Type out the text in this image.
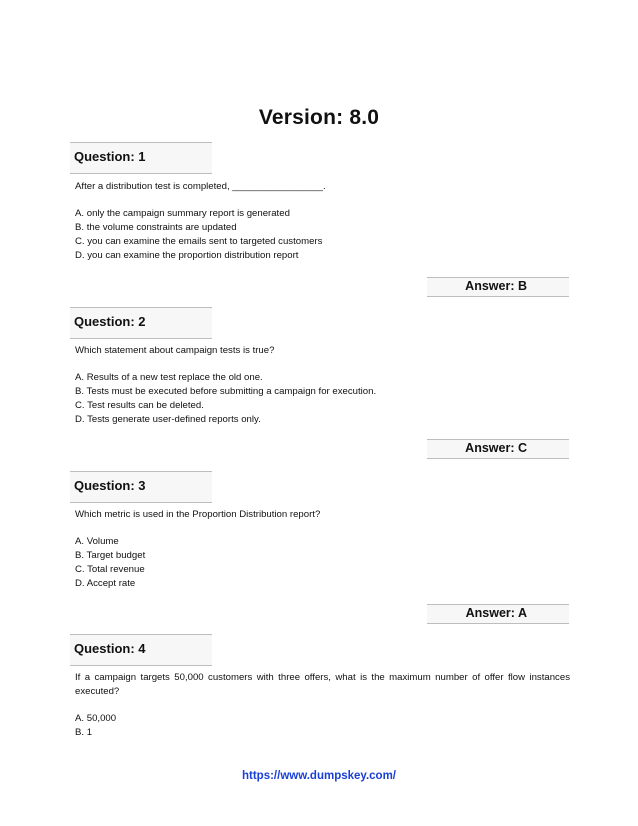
Version: 8.0
Question: 1

After a distribution test is completed, _________________.

A. only the campaign summary report is generated

B. the volume constraints are updated

C. you can examine the emails sent to targeted customers

D. you can examine the proportion distribution report

Answer: B
Question: 2

Which statement about campaign tests is true?

A. Results of a new test replace the old one.

B. Tests must be executed before submitting a campaign for execution.

C. Test results can be deleted.

D. Tests generate user-defined reports only.

Answer: C
Question: 3

Which metric is used in the Proportion Distribution report?

A. Volume

B. Target budget

C. Total revenue

D. Accept rate

Answer: A
Question: 4

If a campaign targets 50,000 customers with three offers, what is the maximum number of offer flow instances executed?

A. 50,000

B. 1

https://www.dumpskey.com/
